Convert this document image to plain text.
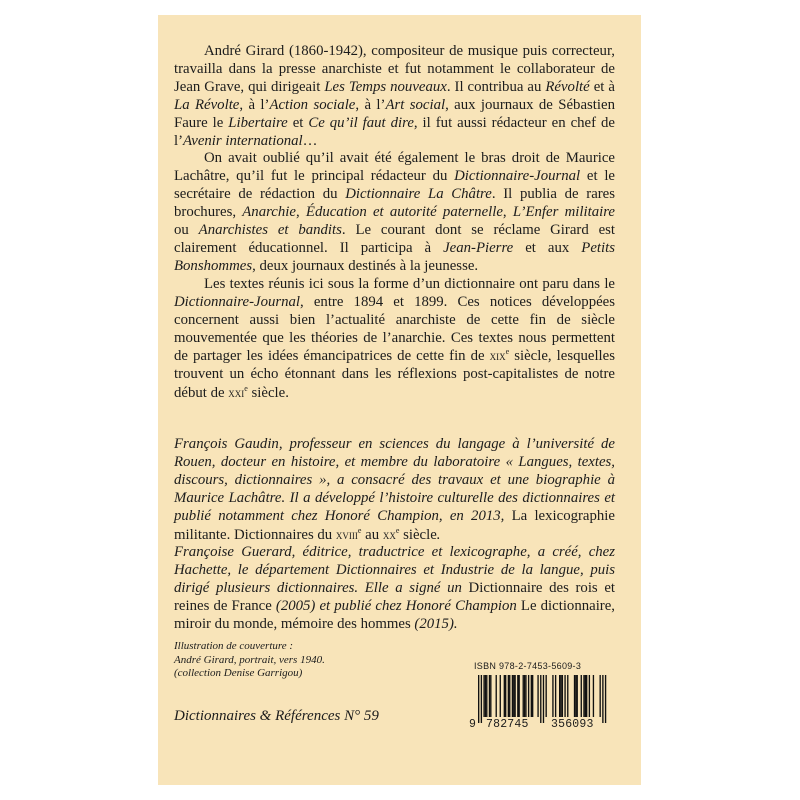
André Girard (1860-1942), compositeur de musique puis correcteur, travailla dans la presse anarchiste et fut notamment le collaborateur de Jean Grave, qui dirigeait Les Temps nouveaux. Il contribua au Révolté et à La Révolte, à l’Action sociale, à l’Art social, aux journaux de Sébastien Faure le Libertaire et Ce qu’il faut dire, il fut aussi rédacteur en chef de l’Avenir international…

On avait oublié qu’il avait été également le bras droit de Maurice Lachâtre, qu’il fut le principal rédacteur du Dictionnaire-Journal et le secrétaire de rédaction du Dictionnaire La Châtre. Il publia de rares brochures, Anarchie, Éducation et autorité paternelle, L’Enfer militaire ou Anarchistes et bandits. Le courant dont se réclame Girard est clairement éducationnel. Il participa à Jean-Pierre et aux Petits Bonshommes, deux journaux destinés à la jeunesse.

Les textes réunis ici sous la forme d’un dictionnaire ont paru dans le Dictionnaire-Journal, entre 1894 et 1899. Ces notices développées concernent aussi bien l’actualité anarchiste de cette fin de siècle mouvementée que les théories de l’anarchie. Ces textes nous permettent de partager les idées émancipatrices de cette fin de xix$^e$ siècle, lesquelles trouvent un écho étonnant dans les réflexions post-capitalistes de notre début de xxi$^e$ siècle.

François Gaudin, professeur en sciences du langage à l’université de Rouen, docteur en histoire, et membre du laboratoire « Langues, textes, discours, dictionnaires », a consacré des travaux et une biographie à Maurice Lachâtre. Il a développé l’histoire culturelle des dictionnaires et publié notamment chez Honoré Champion, en 2013, La lexicographie militante. Dictionnaires du xviii$^e$ au $xx^e$ siècle.

Françoise Guerard, éditrice, traductrice et lexicographe, a créé, chez Hachette, le département Dictionnaires et Industrie de la langue, puis dirigé plusieurs dictionnaires. Elle a signé un Dictionnaire des rois et reines de France (2005) et publié chez Honoré Champion Le dictionnaire, miroir du monde, mémoire des hommes (2015).

Illustration de couverture :
André Girard, portrait, vers 1940.
(collection Denise Garrigou)
Dictionnaires & Références N° 59
ISBN 978-2-7453-5609-3
9 782745 356093
